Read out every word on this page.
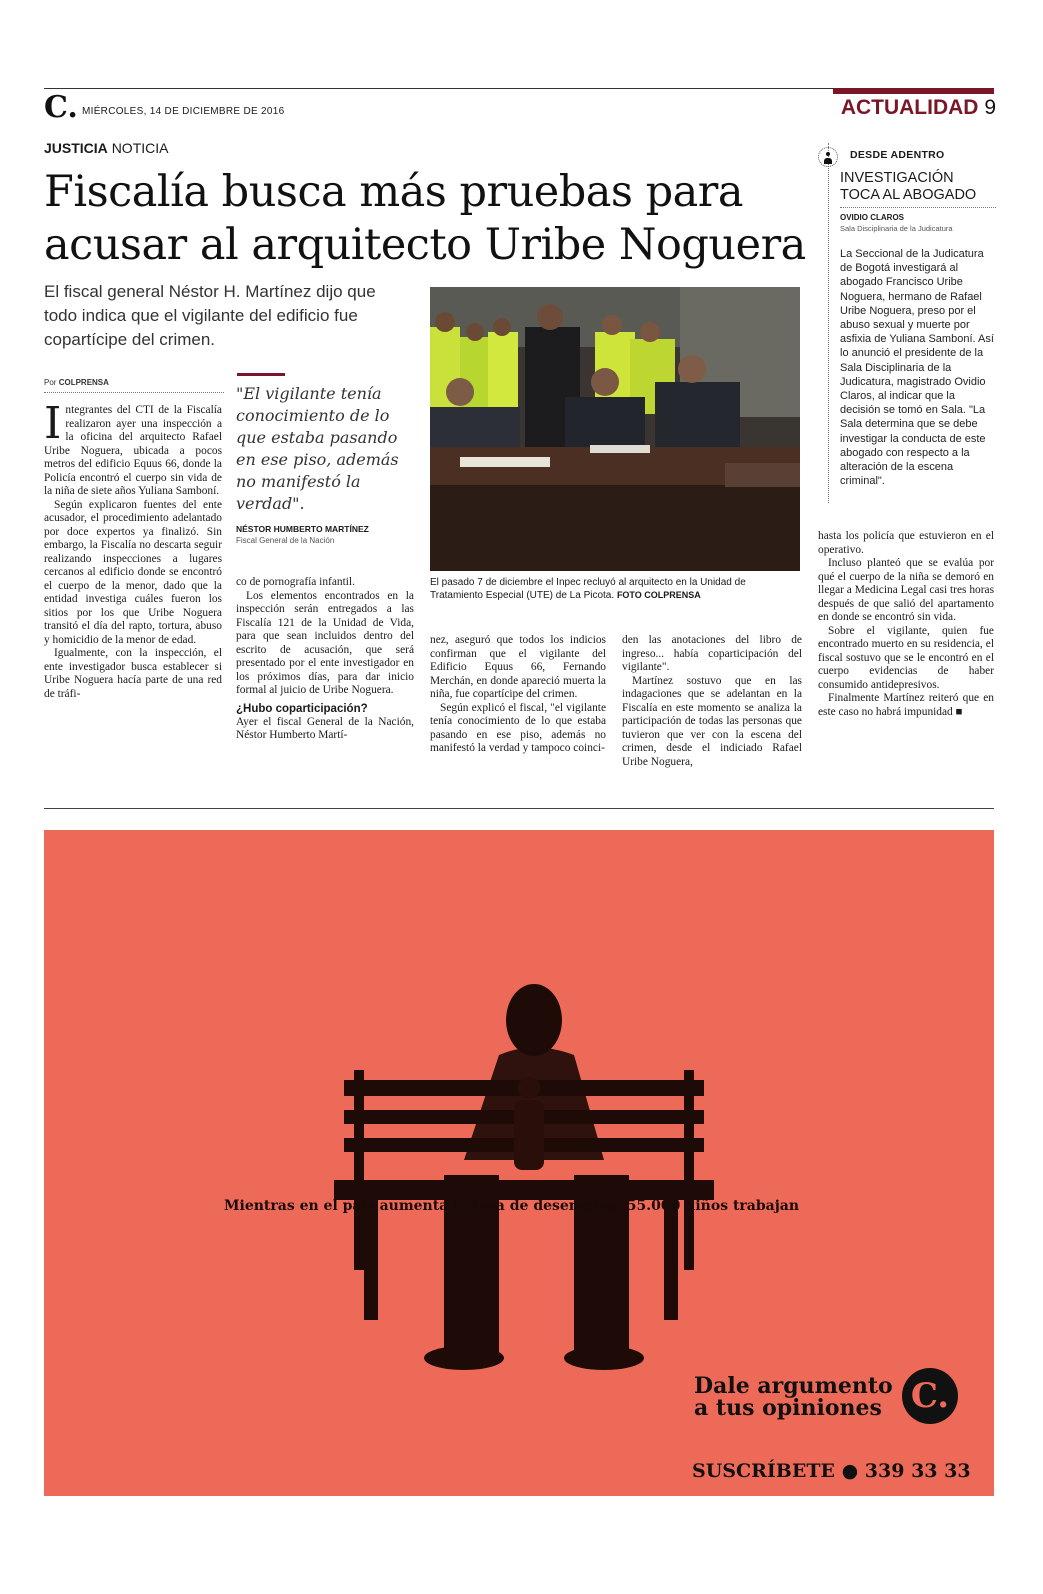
C. MIÉRCOLES, 14 DE DICIEMBRE DE 2016	ACTUALIDAD 9
JUSTICIA NOTICIA
Fiscalía busca más pruebas para acusar al arquitecto Uribe Noguera
El fiscal general Néstor H. Martínez dijo que todo indica que el vigilante del edificio fue copartícipe del crimen.
Por COLPRENSA

Integrantes del CTI de la Fiscalía realizaron ayer una inspección a la oficina del arquitecto Rafael Uribe Noguera, ubicada a pocos metros del edificio Equus 66, donde la Policía encontró el cuerpo sin vida de la niña de siete años Yuliana Samboní.

Según explicaron fuentes del ente acusador, el procedimiento adelantado por doce expertos ya finalizó. Sin embargo, la Fiscalía no descarta seguir realizando inspecciones a lugares cercanos al edificio donde se encontró el cuerpo de la menor, dado que la entidad investiga cuáles fueron los sitios por los que Uribe Noguera transitó el día del rapto, tortura, abuso y homicidio de la menor de edad.

Igualmente, con la inspección, el ente investigador busca establecer si Uribe Noguera hacía parte de una red de tráfi-

"El vigilante tenía conocimiento de lo que estaba pasando en ese piso, además no manifestó la verdad".
NÉSTOR HUMBERTO MARTÍNEZ
Fiscal General de la Nación

co de pornografía infantil.

Los elementos encontrados en la inspección serán entregados a las Fiscalía 121 de la Unidad de Vida, para que sean incluidos dentro del escrito de acusación, que será presentado por el ente investigador en los próximos días, para dar inicio formal al juicio de Uribe Noguera.

¿Hubo coparticipación?

Ayer el fiscal General de la Nación, Néstor Humberto Martí-

El pasado 7 de diciembre el Inpec recluyó al arquitecto en la Unidad de Tratamiento Especial (UTE) de La Picota. FOTO COLPRENSA

nez, aseguró que todos los indicios confirman que el vigilante del Edificio Equus 66, Fernando Merchán, en donde apareció muerta la niña, fue copartícipe del crimen.

Según explicó el fiscal, "el vigilante tenía conocimiento de lo que estaba pasando en ese piso, además no manifestó la verdad y tampoco coinci-

den las anotaciones del libro de ingreso... había coparticipación del vigilante".

Martínez sostuvo que en las indagaciones que se adelantan en la Fiscalía en este momento se analiza la participación de todas las personas que tuvieron que ver con la escena del crimen, desde el indiciado Rafael Uribe Noguera,

DESDE ADENTRO
INVESTIGACIÓN TOCA AL ABOGADO
OVIDIO CLAROS
Sala Disciplinaria de la Judicatura
La Seccional de la Judicatura de Bogotá investigará al abogado Francisco Uribe Noguera, hermano de Rafael Uribe Noguera, preso por el abuso sexual y muerte por asfixia de Yuliana Samboní. Así lo anunció el presidente de la Sala Disciplinaria de la Judicatura, magistrado Ovidio Claros, al indicar que la decisión se tomó en Sala. "La Sala determina que se debe investigar la conducta de este abogado con respecto a la alteración de la escena criminal".

hasta los policía que estuvieron en el operativo.

Incluso planteó que se evalúa por qué el cuerpo de la niña se demoró en llegar a Medicina Legal casi tres horas después de que salió del apartamento en donde se encontró sin vida.

Sobre el vigilante, quien fue encontrado muerto en su residencia, el fiscal sostuvo que se le encontró en el cuerpo evidencias de haber consumido antidepresivos.

Finalmente Martínez reiteró que en este caso no habrá impunidad ■

Mientras en el país aumenta la tasa de desempleo, 55.000 niños trabajan
Dale argumento
a tus opiniones C.
SUSCRÍBETE ● 339 33 33
